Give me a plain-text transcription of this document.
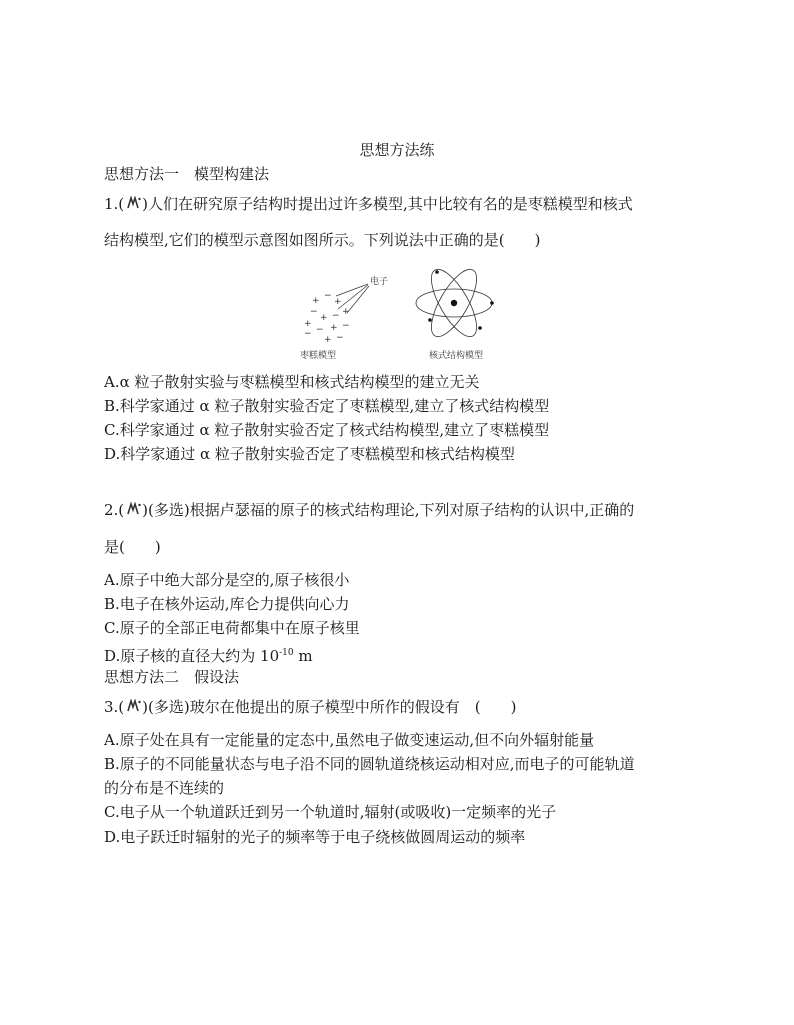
思想方法练
思想方法一　模型构建法
1.( )人们在研究原子结构时提出过许多模型,其中比较有名的是枣糕模型和核式
结构模型,它们的模型示意图如图所示。下列说法中正确的是(　　)
+ −
+
−
+ − +
+
− + −
−
+ −
电子
枣糕模型	核式结构模型
A.α 粒子散射实验与枣糕模型和核式结构模型的建立无关
B.科学家通过 α 粒子散射实验否定了枣糕模型,建立了核式结构模型
C.科学家通过 α 粒子散射实验否定了核式结构模型,建立了枣糕模型
D.科学家通过 α 粒子散射实验否定了枣糕模型和核式结构模型
2.( )(多选)根据卢瑟福的原子的核式结构理论,下列对原子结构的认识中,正确的
是(　　)
A.原子中绝大部分是空的,原子核很小
B.电子在核外运动,库仑力提供向心力
C.原子的全部正电荷都集中在原子核里
D.原子核的直径大约为 $10^{-10}$ m
思想方法二　假设法
3.( )(多选)玻尔在他提出的原子模型中所作的假设有　(　　)
A.原子处在具有一定能量的定态中,虽然电子做变速运动,但不向外辐射能量
B.原子的不同能量状态与电子沿不同的圆轨道绕核运动相对应,而电子的可能轨道
的分布是不连续的
C.电子从一个轨道跃迁到另一个轨道时,辐射(或吸收)一定频率的光子
D.电子跃迁时辐射的光子的频率等于电子绕核做圆周运动的频率
